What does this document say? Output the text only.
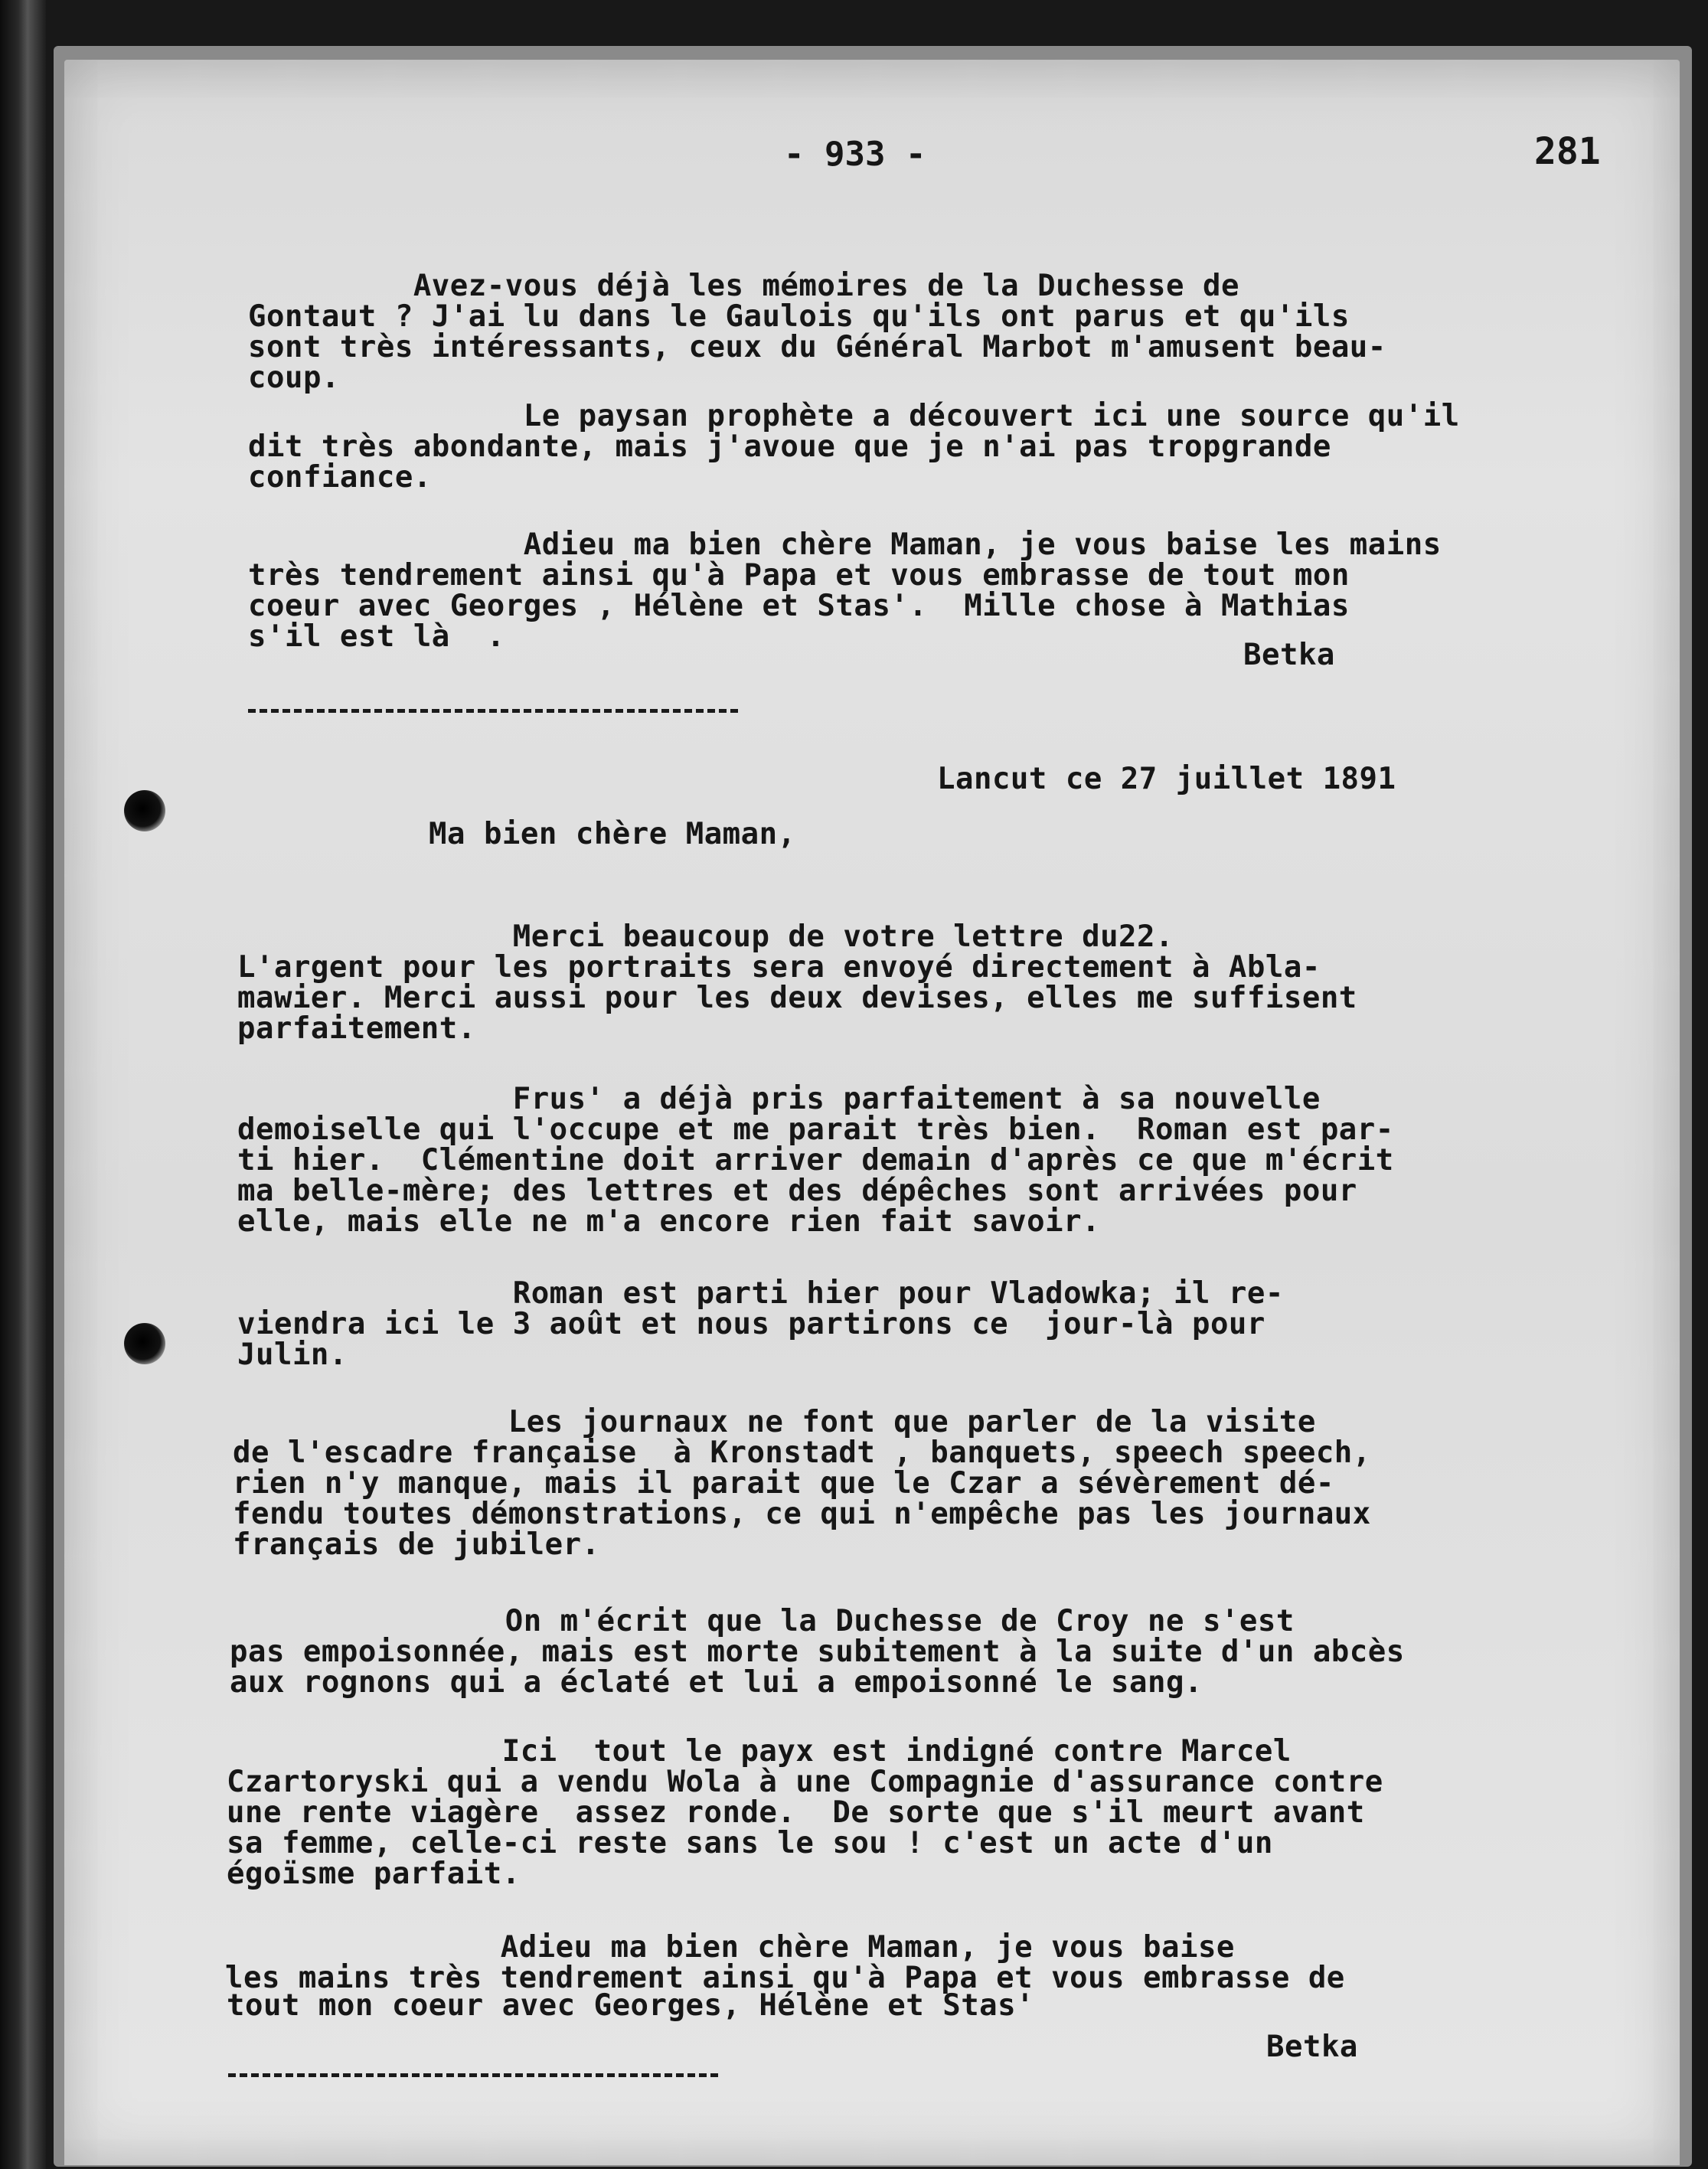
- 933 -	281

Avez-vous déjà les mémoires de la Duchesse de
Gontaut ? J'ai lu dans le Gaulois qu'ils ont parus et qu'ils
sont très intéressants, ceux du Général Marbot m'amusent beau-
coup.

Le paysan prophète a découvert ici une source qu'il
dit très abondante, mais j'avoue que je n'ai pas tropgrande
confiance.

Adieu ma bien chère Maman, je vous baise les mains
très tendrement ainsi qu'à Papa et vous embrasse de tout mon
coeur avec Georges , Hélène et Stas'.  Mille chose à Mathias
s'il est là  .

Betka
Lancut ce 27 juillet 1891
Ma bien chère Maman,

Merci beaucoup de votre lettre du22.
L'argent pour les portraits sera envoyé directement à Abla-
mawier. Merci aussi pour les deux devises, elles me suffisent
parfaitement.

Frus' a déjà pris parfaitement à sa nouvelle
demoiselle qui l'occupe et me parait très bien.  Roman est par-
ti hier.  Clémentine doit arriver demain d'après ce que m'écrit
ma belle-mère; des lettres et des dépêches sont arrivées pour
elle, mais elle ne m'a encore rien fait savoir.

Roman est parti hier pour Vladowka; il re-
viendra ici le 3 août et nous partirons ce  jour-là pour
Julin.

Les journaux ne font que parler de la visite
de l'escadre française  à Kronstadt , banquets, speech speech,
rien n'y manque, mais il parait que le Czar a sévèrement dé-
fendu toutes démonstrations, ce qui n'empêche pas les journaux
français de jubiler.

On m'écrit que la Duchesse de Croy ne s'est
pas empoisonnée, mais est morte subitement à la suite d'un abcès
aux rognons qui a éclaté et lui a empoisonné le sang.

Ici  tout le payx est indigné contre Marcel
Czartoryski qui a vendu Wola à une Compagnie d'assurance contre
une rente viagère  assez ronde.  De sorte que s'il meurt avant
sa femme, celle-ci reste sans le sou ! c'est un acte d'un
égoïsme parfait.

Adieu ma bien chère Maman, je vous baise
les mains très tendrement ainsi qu'à Papa et vous embrasse de

tout mon coeur avec Georges, Hélène et Stas'
Betka
